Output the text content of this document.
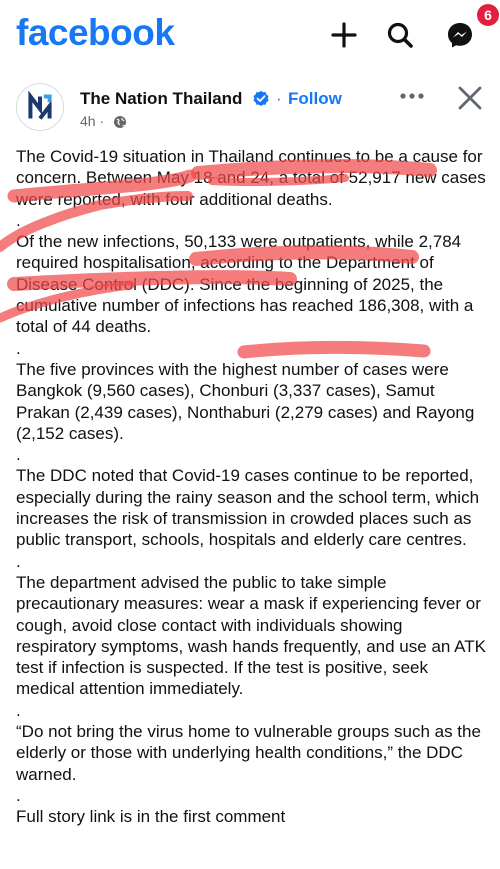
facebook	6
The Nation Thailand · Follow
4h ·

The Covid-19 situation in Thailand continues to be a cause for concern. Between May 18 and 24, a total of 52,917 new cases were reported, with four additional deaths.

.

Of the new infections, 50,133 were outpatients, while 2,784 required hospitalisation, according to the Department of Disease Control (DDC). Since the beginning of 2025, the cumulative number of infections has reached 186,308, with a total of 44 deaths.

.

The five provinces with the highest number of cases were Bangkok (9,560 cases), Chonburi (3,337 cases), Samut Prakan (2,439 cases), Nonthaburi (2,279 cases) and Rayong (2,152 cases).

.

The DDC noted that Covid-19 cases continue to be reported, especially during the rainy season and the school term, which increases the risk of transmission in crowded places such as public transport, schools, hospitals and elderly care centres.

.

The department advised the public to take simple precautionary measures: wear a mask if experiencing fever or cough, avoid close contact with individuals showing respiratory symptoms, wash hands frequently, and use an ATK test if infection is suspected. If the test is positive, seek medical attention immediately.

.

“Do not bring the virus home to vulnerable groups such as the elderly or those with underlying health conditions,” the DDC warned.

.

Full story link is in the first comment
